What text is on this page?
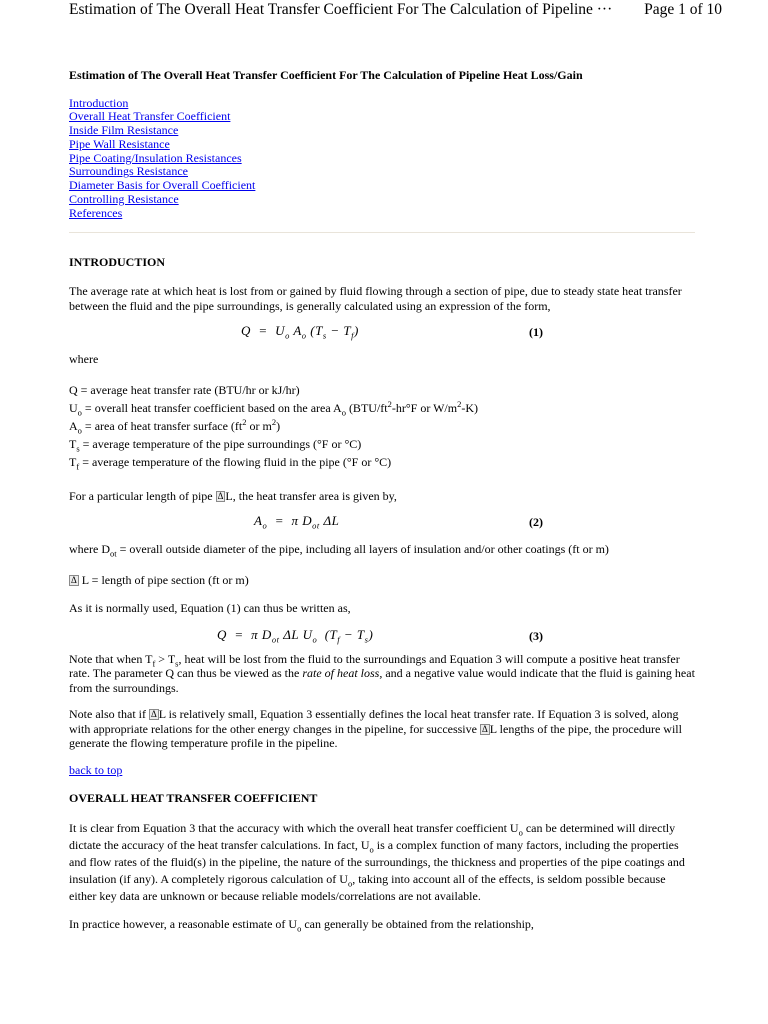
Estimation of The Overall Heat Transfer Coefficient For The Calculation of Pipeline ··· Page 1 of 10
Estimation of The Overall Heat Transfer Coefficient For The Calculation of Pipeline Heat Loss/Gain
Introduction
Overall Heat Transfer Coefficient
Inside Film Resistance
Pipe Wall Resistance
Pipe Coating/Insulation Resistances
Surroundings Resistance
Diameter Basis for Overall Coefficient
Controlling Resistance
References
INTRODUCTION

The average rate at which heat is lost from or gained by fluid flowing through a section of pipe, due to steady state heat transfer between the fluid and the pipe surroundings, is generally calculated using an expression of the form,

$Q = U_o$ $A_o$ $(T_s - T_f)$	(1)

where

Q = average heat transfer rate (BTU/hr or kJ/hr)
$U_o$ = overall heat transfer coefficient based on the area $A_o$ ($BTU/ft^2-hr^\circ F$ or $W/m^2-K$)
$A_o$ = area of heat transfer surface ($ft^2$ or $m^2$)
$T_s$ = average temperature of the pipe surroundings (°F or °C)
$T_f$ = average temperature of the flowing fluid in the pipe (°F or °C)

For a particular length of pipe Δ L, the heat transfer area is given by,

$A_o = \pi$ $D_{ot}$ ΔL	(2)

where $D_{ot}$ = overall outside diameter of the pipe, including all layers of insulation and/or other coatings (ft or m)

Δ L = length of pipe section (ft or m)

As it is normally used, Equation (1) can thus be written as,

Q  =  π $D_{ot}$ ΔL $U_o$  $(T_f - T_s)$	(3)

Note that when $T_f > T_s$, heat will be lost from the fluid to the surroundings and Equation 3 will compute a positive heat transfer rate. The parameter Q can thus be viewed as the rate of heat loss, and a negative value would indicate that the fluid is gaining heat from the surroundings.

Note also that if Δ L is relatively small, Equation 3 essentially defines the local heat transfer rate. If Equation 3 is solved, along with appropriate relations for the other energy changes in the pipeline, for successive Δ L lengths of the pipe, the procedure will generate the flowing temperature profile in the pipeline.

back to top

OVERALL HEAT TRANSFER COEFFICIENT

It is clear from Equation 3 that the accuracy with which the overall heat transfer coefficient $U_o$ can be determined will directly dictate the accuracy of the heat transfer calculations. In fact, $U_o$ is a complex function of many factors, including the properties and flow rates of the fluid(s) in the pipeline, the nature of the surroundings, the thickness and properties of the pipe coatings and insulation (if any). A completely rigorous calculation of $U_o$, taking into account all of the effects, is seldom possible because either key data are unknown or because reliable models/correlations are not available.

In practice however, a reasonable estimate of $U_o$ can generally be obtained from the relationship,
